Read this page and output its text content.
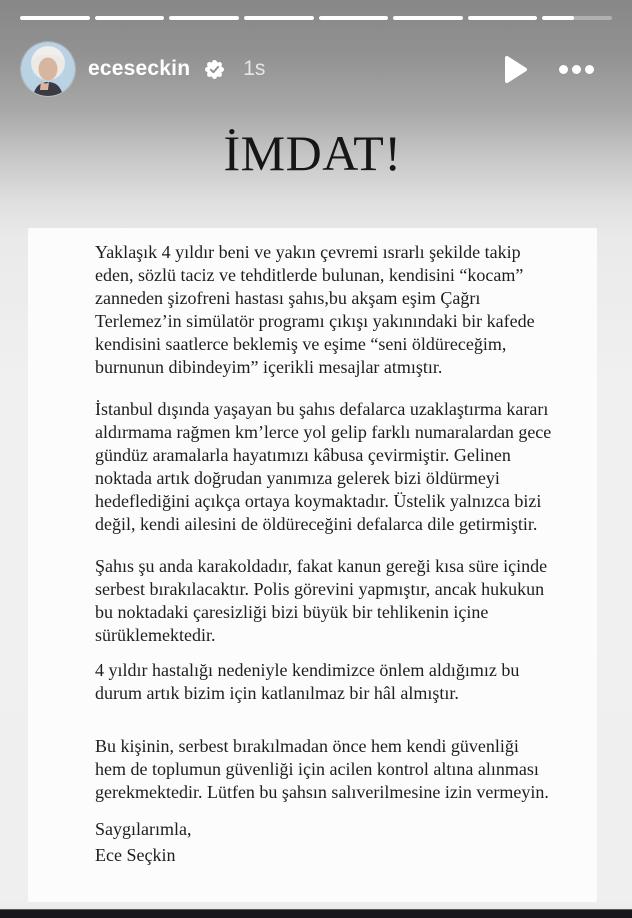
eceseckin	1s
İMDAT!

Yaklaşık 4 yıldır beni ve yakın çevremi ısrarlı şekilde takip eden, sözlü taciz ve tehditlerde bulunan, kendisini “kocam” zanneden şizofreni hastası şahıs,bu akşam eşim Çağrı Terlemez’in simülatör programı çıkışı yakınındaki bir kafede kendisini saatlerce beklemiş ve eşime “seni öldüreceğim, burnunun dibindeyim” içerikli mesajlar atmıştır.

İstanbul dışında yaşayan bu şahıs defalarca uzaklaştırma kararı aldırmama rağmen km’lerce yol gelip farklı numaralardan gece gündüz aramalarla hayatımızı kâbusa çevirmiştir. Gelinen noktada artık doğrudan yanımıza gelerek bizi öldürmeyi hedeflediğini açıkça ortaya koymaktadır. Üstelik yalnızca bizi değil, kendi ailesini de öldüreceğini defalarca dile getirmiştir.

Şahıs şu anda karakoldadır, fakat kanun gereği kısa süre içinde serbest bırakılacaktır. Polis görevini yapmıştır, ancak hukukun bu noktadaki çaresizliği bizi büyük bir tehlikenin içine sürüklemektedir.

4 yıldır hastalığı nedeniyle kendimizce önlem aldığımız bu durum artık bizim için katlanılmaz bir hâl almıştır.

Bu kişinin, serbest bırakılmadan önce hem kendi güvenliği hem de toplumun güvenliği için acilen kontrol altına alınması gerekmektedir. Lütfen bu şahsın salıverilmesine izin vermeyin.

Saygılarımla,

Ece Seçkin
